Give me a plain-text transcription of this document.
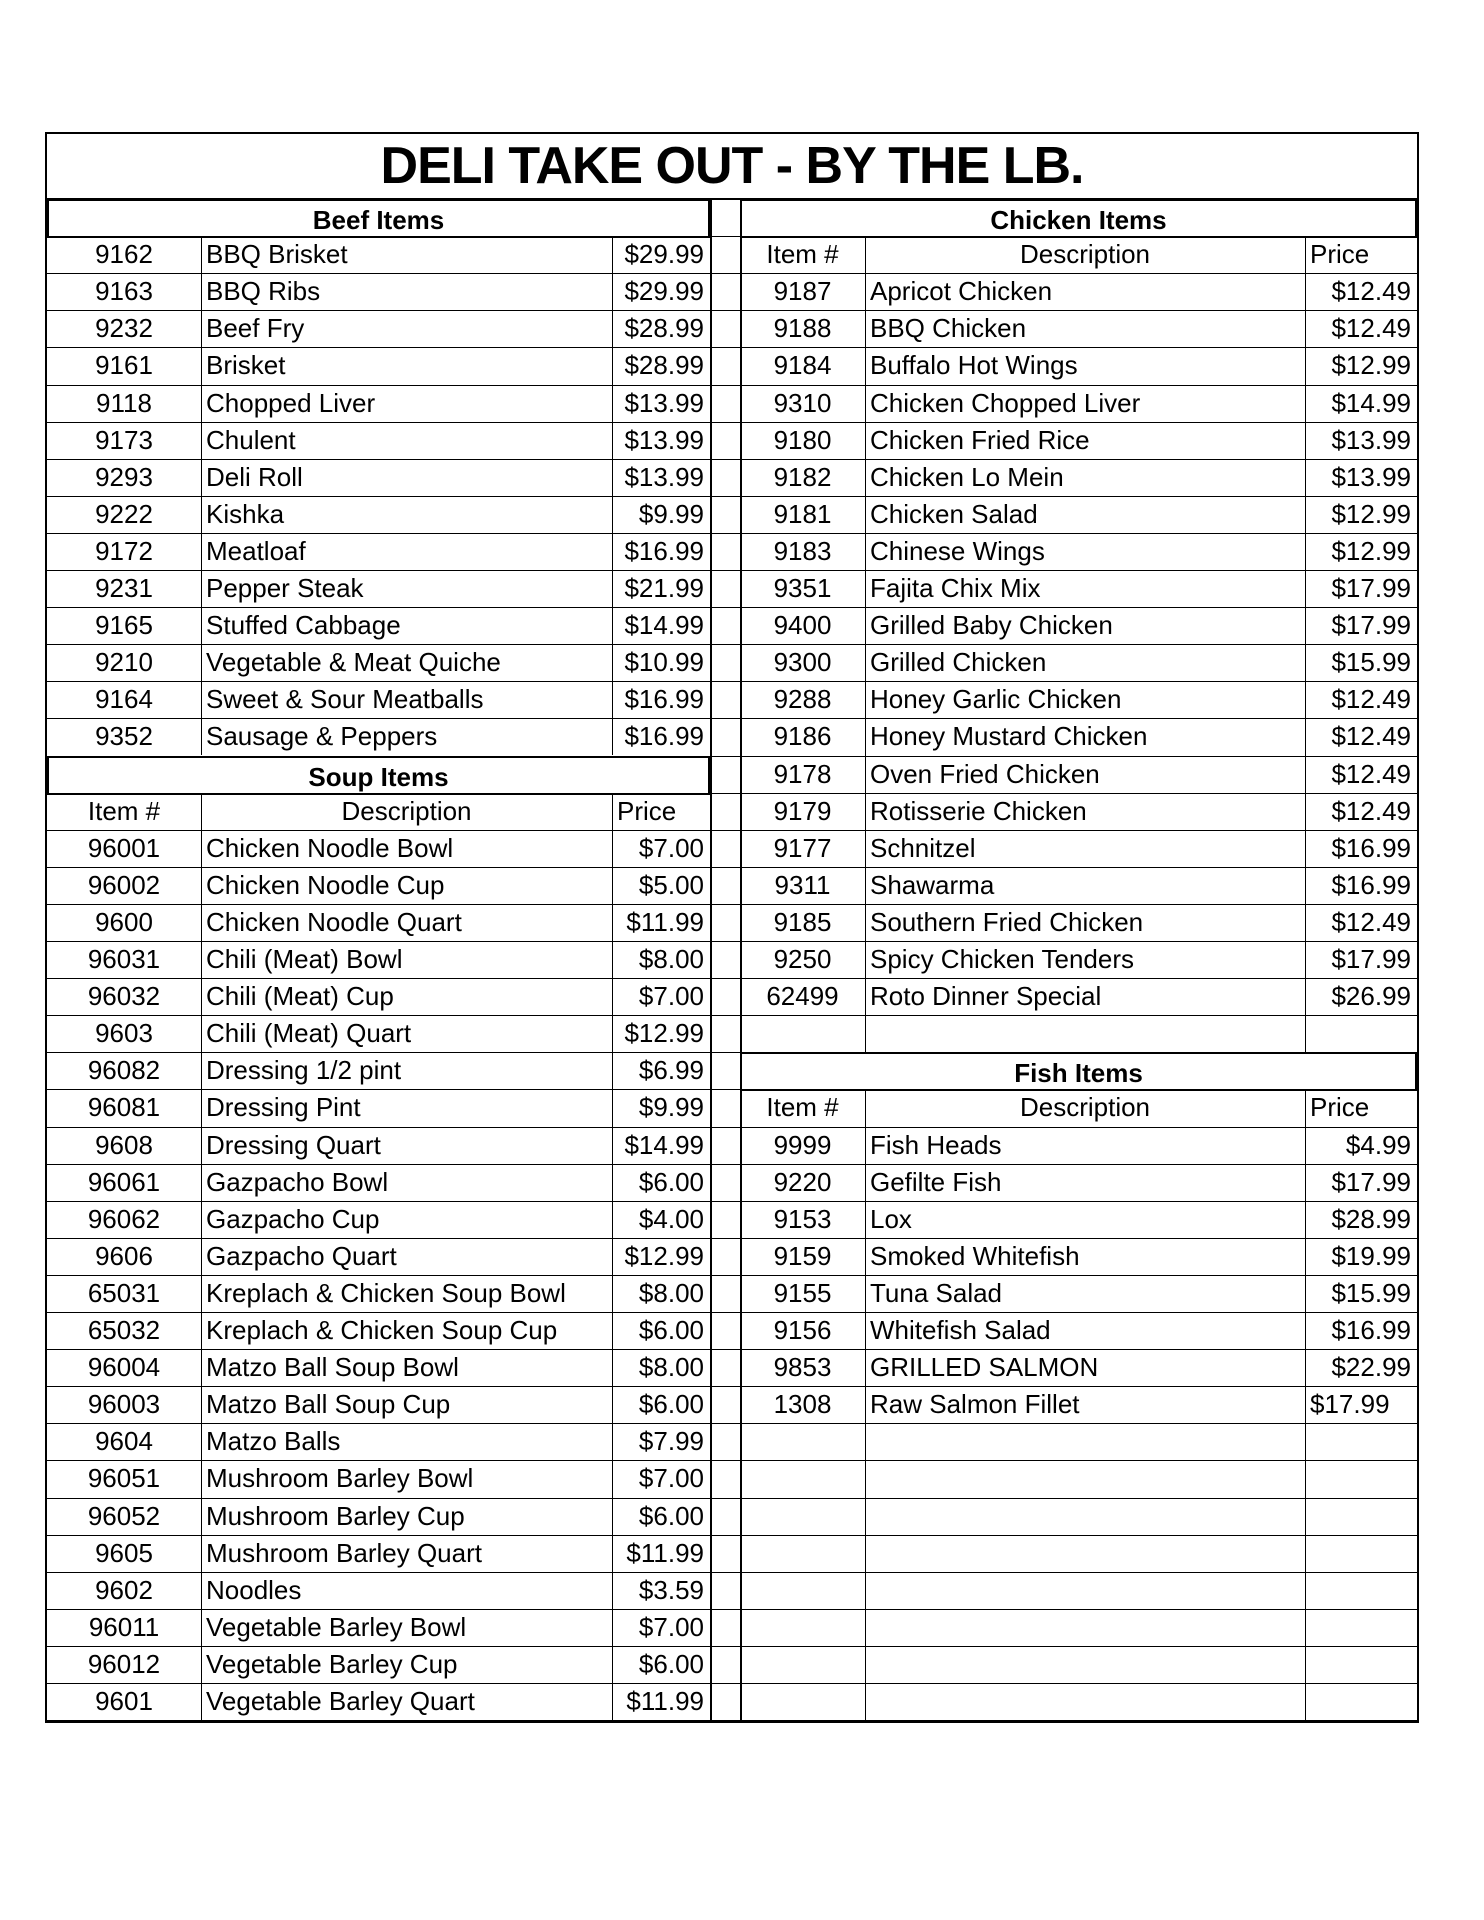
DELI TAKE OUT - BY THE LB.
Beef Items
9162	BBQ Brisket	$29.99
9163	BBQ Ribs	$29.99
9232	Beef Fry	$28.99
9161	Brisket	$28.99
9118	Chopped Liver	$13.99
9173	Chulent	$13.99
9293	Deli Roll	$13.99
9222	Kishka	$9.99
9172	Meatloaf	$16.99
9231	Pepper Steak	$21.99
9165	Stuffed Cabbage	$14.99
9210	Vegetable & Meat Quiche	$10.99
9164	Sweet & Sour Meatballs	$16.99
9352	Sausage & Peppers	$16.99
Soup Items
Item #	Description	Price
96001	Chicken Noodle Bowl	$7.00
96002	Chicken Noodle Cup	$5.00
9600	Chicken Noodle Quart	$11.99
96031	Chili (Meat) Bowl	$8.00
96032	Chili (Meat) Cup	$7.00
9603	Chili (Meat) Quart	$12.99
96082	Dressing 1/2 pint	$6.99
96081	Dressing Pint	$9.99
9608	Dressing Quart	$14.99
96061	Gazpacho Bowl	$6.00
96062	Gazpacho Cup	$4.00
9606	Gazpacho Quart	$12.99
65031	Kreplach & Chicken Soup Bowl	$8.00
65032	Kreplach & Chicken Soup Cup	$6.00
96004	Matzo Ball Soup Bowl	$8.00
96003	Matzo Ball Soup Cup	$6.00
9604	Matzo Balls	$7.99
96051	Mushroom Barley Bowl	$7.00
96052	Mushroom Barley Cup	$6.00
9605	Mushroom Barley Quart	$11.99
9602	Noodles	$3.59
96011	Vegetable Barley Bowl	$7.00
96012	Vegetable Barley Cup	$6.00
9601	Vegetable Barley Quart	$11.99
Chicken Items
Item #	Description	Price
9187	Apricot Chicken	$12.49
9188	BBQ Chicken	$12.49
9184	Buffalo Hot Wings	$12.99
9310	Chicken Chopped Liver	$14.99
9180	Chicken Fried Rice	$13.99
9182	Chicken Lo Mein	$13.99
9181	Chicken Salad	$12.99
9183	Chinese Wings	$12.99
9351	Fajita Chix Mix	$17.99
9400	Grilled Baby Chicken	$17.99
9300	Grilled Chicken	$15.99
9288	Honey Garlic Chicken	$12.49
9186	Honey Mustard Chicken	$12.49
9178	Oven Fried Chicken	$12.49
9179	Rotisserie Chicken	$12.49
9177	Schnitzel	$16.99
9311	Shawarma	$16.99
9185	Southern Fried Chicken	$12.49
9250	Spicy Chicken Tenders	$17.99
62499	Roto Dinner Special	$26.99
Fish Items
Item #	Description	Price
9999	Fish Heads	$4.99
9220	Gefilte Fish	$17.99
9153	Lox	$28.99
9159	Smoked Whitefish	$19.99
9155	Tuna Salad	$15.99
9156	Whitefish Salad	$16.99
9853	GRILLED SALMON	$22.99
1308	Raw Salmon Fillet	$17.99
